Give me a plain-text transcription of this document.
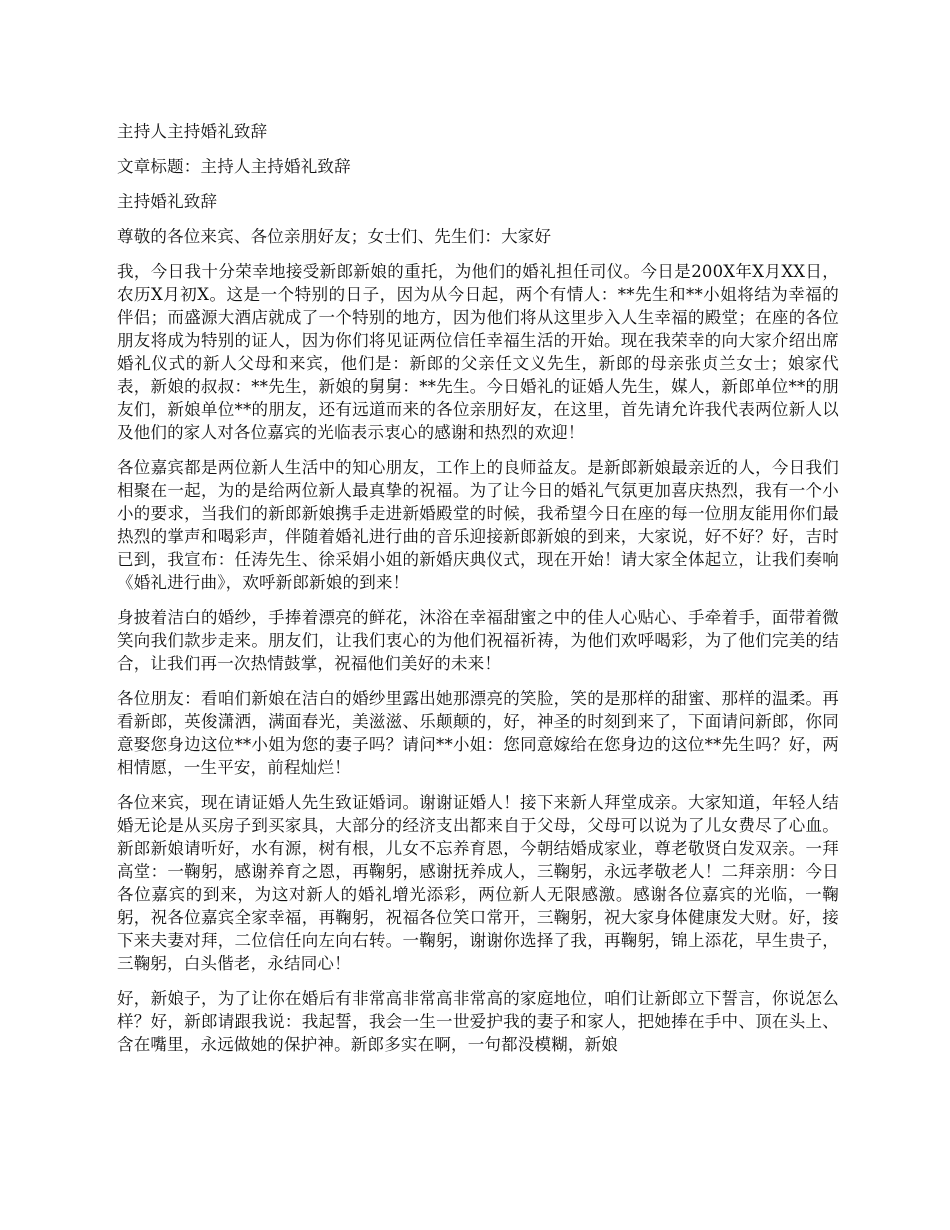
主持人主持婚礼致辞

文章标题：主持人主持婚礼致辞

主持婚礼致辞

尊敬的各位来宾、各位亲朋好友；女士们、先生们：大家好

我，今日我十分荣幸地接受新郎新娘的重托，为他们的婚礼担任司仪。今日是200X年X月XX日，农历X月初X。这是一个特别的日子，因为从今日起，两个有情人：**先生和**小姐将结为幸福的伴侣；而盛源大酒店就成了一个特别的地方，因为他们将从这里步入人生幸福的殿堂；在座的各位朋友将成为特别的证人，因为你们将见证两位信任幸福生活的开始。现在我荣幸的向大家介绍出席婚礼仪式的新人父母和来宾，他们是：新郎的父亲任文义先生，新郎的母亲张贞兰女士；娘家代表，新娘的叔叔：**先生，新娘的舅舅：**先生。今日婚礼的证婚人先生，媒人，新郎单位**的朋友们，新娘单位**的朋友，还有远道而来的各位亲朋好友，在这里，首先请允许我代表两位新人以及他们的家人对各位嘉宾的光临表示衷心的感谢和热烈的欢迎！

各位嘉宾都是两位新人生活中的知心朋友，工作上的良师益友。是新郎新娘最亲近的人，今日我们相聚在一起，为的是给两位新人最真挚的祝福。为了让今日的婚礼气氛更加喜庆热烈，我有一个小小的要求，当我们的新郎新娘携手走进新婚殿堂的时候，我希望今日在座的每一位朋友能用你们最热烈的掌声和喝彩声，伴随着婚礼进行曲的音乐迎接新郎新娘的到来，大家说，好不好？好，吉时已到，我宣布：任涛先生、徐采娟小姐的新婚庆典仪式，现在开始！请大家全体起立，让我们奏响《婚礼进行曲》，欢呼新郎新娘的到来！

身披着洁白的婚纱，手捧着漂亮的鲜花，沐浴在幸福甜蜜之中的佳人心贴心、手牵着手，面带着微笑向我们款步走来。朋友们，让我们衷心的为他们祝福祈祷，为他们欢呼喝彩，为了他们完美的结合，让我们再一次热情鼓掌，祝福他们美好的未来！

各位朋友：看咱们新娘在洁白的婚纱里露出她那漂亮的笑脸，笑的是那样的甜蜜、那样的温柔。再看新郎，英俊潇洒，满面春光，美滋滋、乐颠颠的，好，神圣的时刻到来了，下面请问新郎，你同意娶您身边这位**小姐为您的妻子吗？请问**小姐：您同意嫁给在您身边的这位**先生吗？好，两相情愿，一生平安，前程灿烂！

各位来宾，现在请证婚人先生致证婚词。谢谢证婚人！接下来新人拜堂成亲。大家知道，年轻人结婚无论是从买房子到买家具，大部分的经济支出都来自于父母，父母可以说为了儿女费尽了心血。新郎新娘请听好，水有源，树有根，儿女不忘养育恩，今朝结婚成家业，尊老敬贤白发双亲。一拜高堂：一鞠躬，感谢养育之恩，再鞠躬，感谢抚养成人，三鞠躬，永远孝敬老人！二拜亲朋：今日各位嘉宾的到来，为这对新人的婚礼增光添彩，两位新人无限感激。感谢各位嘉宾的光临，一鞠躬，祝各位嘉宾全家幸福，再鞠躬，祝福各位笑口常开，三鞠躬，祝大家身体健康发大财。好，接下来夫妻对拜，二位信任向左向右转。一鞠躬，谢谢你选择了我，再鞠躬，锦上添花，早生贵子，三鞠躬，白头偕老，永结同心！

好，新娘子，为了让你在婚后有非常高非常高非常高的家庭地位，咱们让新郎立下誓言，你说怎么样？好，新郎请跟我说：我起誓，我会一生一世爱护我的妻子和家人，把她捧在手中、顶在头上、含在嘴里，永远做她的保护神。新郎多实在啊，一句都没模糊，新娘
